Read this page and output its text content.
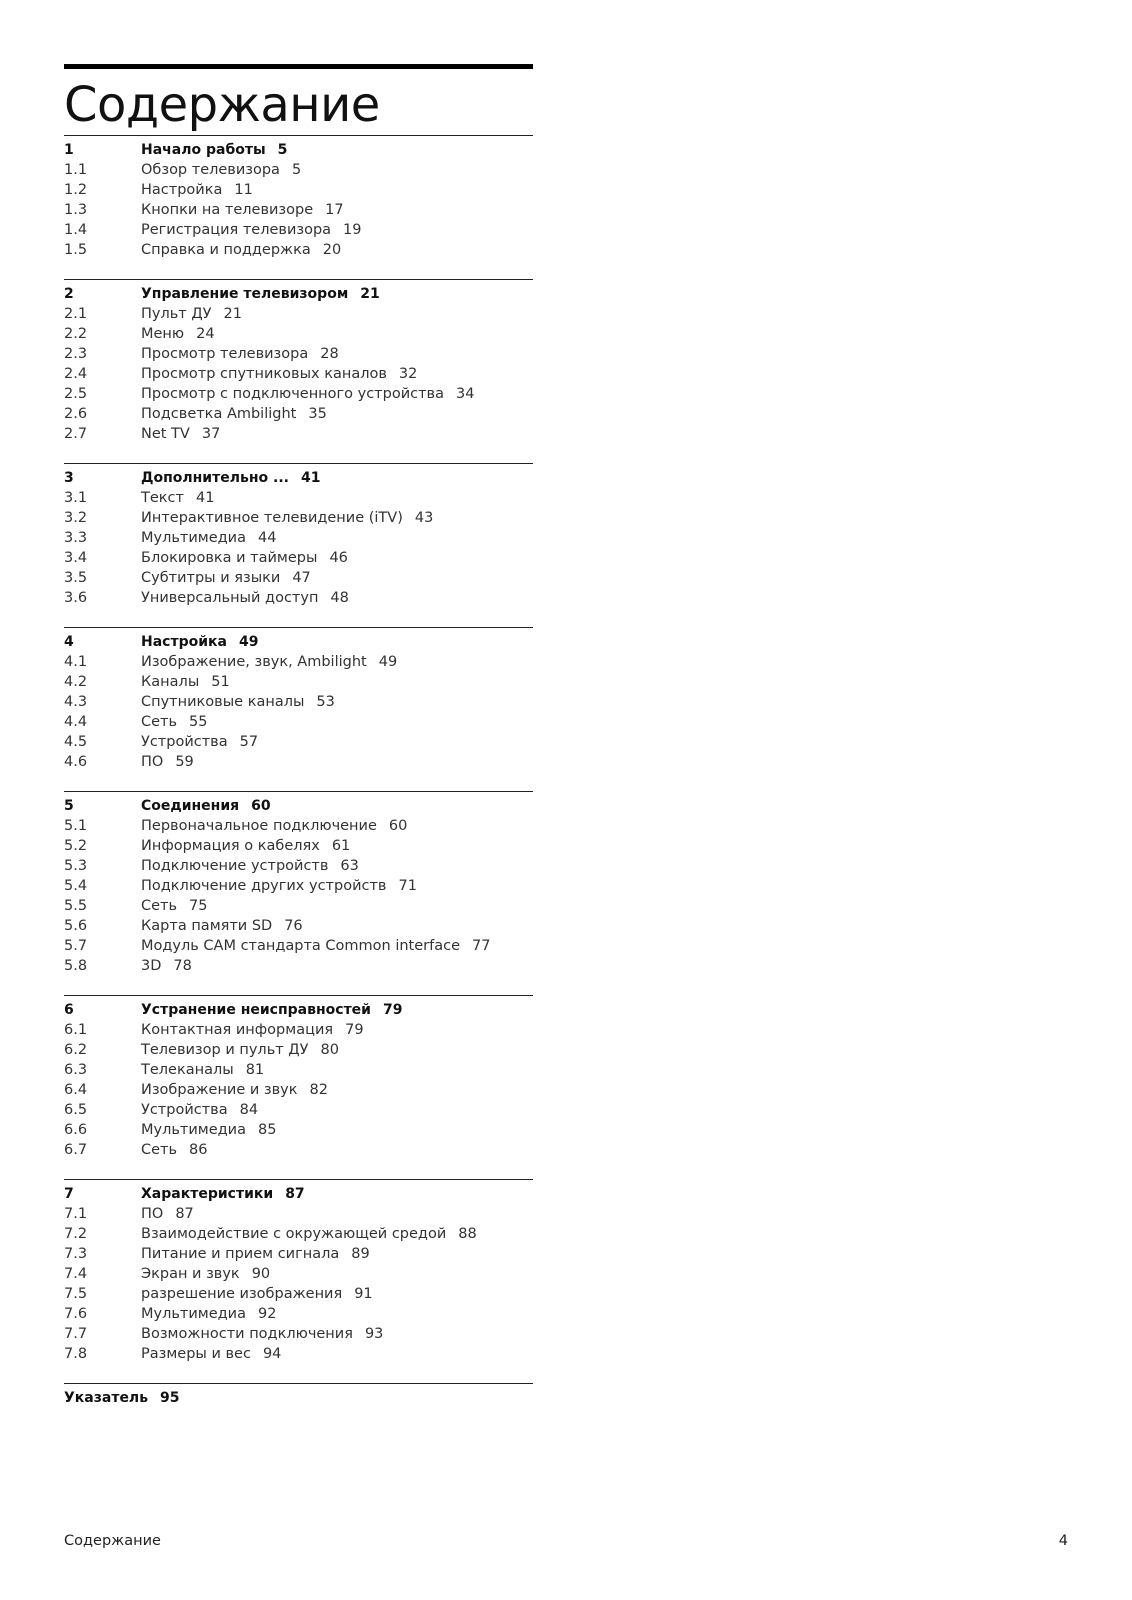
Содержание
1	Начало работы 5
1.1	Обзор телевизора 5
1.2	Настройка 11
1.3	Кнопки на телевизоре 17
1.4	Регистрация телевизора 19
1.5	Справка и поддержка 20
2	Управление телевизором 21
2.1	Пульт ДУ 21
2.2	Меню 24
2.3	Просмотр телевизора 28
2.4	Просмотр спутниковых каналов 32
2.5	Просмотр с подключенного устройства 34
2.6	Подсветка Ambilight 35
2.7	Net TV 37
3	Дополнительно ... 41
3.1	Текст 41
3.2	Интерактивное телевидение (iTV) 43
3.3	Мультимедиа 44
3.4	Блокировка и таймеры 46
3.5	Субтитры и языки 47
3.6	Универсальный доступ 48
4	Настройка 49
4.1	Изображение, звук, Ambilight 49
4.2	Каналы 51
4.3	Спутниковые каналы 53
4.4	Сеть 55
4.5	Устройства 57
4.6	ПО 59
5	Соединения 60
5.1	Первоначальное подключение 60
5.2	Информация о кабелях 61
5.3	Подключение устройств 63
5.4	Подключение других устройств 71
5.5	Сеть 75
5.6	Карта памяти SD 76
5.7	Модуль CAM стандарта Common interface 77
5.8	3D 78
6	Устранение неисправностей 79
6.1	Контактная информация 79
6.2	Телевизор и пульт ДУ 80
6.3	Телеканалы 81
6.4	Изображение и звук 82
6.5	Устройства 84
6.6	Мультимедиа 85
6.7	Сеть 86
7	Характеристики 87
7.1	ПО 87
7.2	Взаимодействие с окружающей средой 88
7.3	Питание и прием сигнала 89
7.4	Экран и звук 90
7.5	разрешение изображения 91
7.6	Мультимедиа 92
7.7	Возможности подключения 93
7.8	Размеры и вес 94
Указатель 95
Содержание	4
